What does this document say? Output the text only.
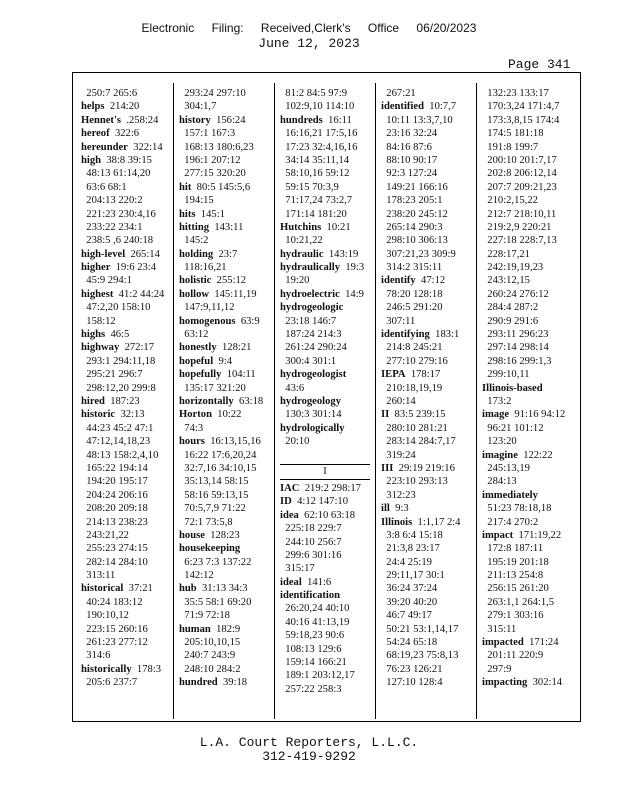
Electronic Filing: Received,Clerk's Office 06/20/2023
June 12, 2023
Page 341
250:7 265:6
helps  214:20
Hennet's  .258:24
hereof  322:6
hereunder  322:14
high  38:8 39:15
48:13 61:14,20
63:6 68:1
204:13 220:2
221:23 230:4,16
233:22 234:1
238:5 ,6 240:18
high-level  265:14
higher  19:6 23:4
45:9 294:1
highest  41:2 44:24
47:2,20 158:10
158:12
highs  46:5
highway  272:17
293:1 294:11,18
295:21 296:7
298:12,20 299:8
hired  187:23
historic  32:13
44:23 45:2 47:1
47:12,14,18,23
48:13 158:2,4,10
165:22 194:14
194:20 195:17
204:24 206:16
208:20 209:18
214:13 238:23
243:21,22
255:23 274:15
282:14 284:10
313:11
historical  37:21
40:24 183:12
190:10,12
223:15 260:16
261:23 277:12
314:6
historically  178:3
205:6 237:7
293:24 297:10
304:1,7
history  156:24
157:1 167:3
168:13 180:6,23
196:1 207:12
277:15 320:20
hit  80:5 145:5,6
194:15
hits  145:1
hitting  143:11
145:2
holding  23:7
118:16,21
holistic  255:12
hollow  145:11,19
147:9,11,12
homogenous  63:9
63:12
honestly  128:21
hopeful  9:4
hopefully  104:11
135:17 321:20
horizontally  63:18
Horton  10:22
74:3
hours  16:13,15,16
16:22 17:6,20,24
32:7,16 34:10,15
35:13,14 58:15
58:16 59:13,15
70:5,7,9 71:22
72:1 73:5,8
house  128:23
housekeeping
6:23 7:3 137:22
142:12
hub  31:13 34:3
35:5 58:1 69:20
71:9 72:18
human  182:9
205:10,10,15
240:7 243:9
248:10 284:2
hundred  39:18
81:2 84:5 97:9
102:9,10 114:10
hundreds  16:11
16:16,21 17:5,16
17:23 32:4,16,16
34:14 35:11,14
58:10,16 59:12
59:15 70:3,9
71:17,24 73:2,7
171:14 181:20
Hutchins  10:21
10:21,22
hydraulic  143:19
hydraulically  19:3
19:20
hydroelectric  14:9
hydrogeologic
23:18 146:7
187:24 214:3
261:24 290:24
300:4 301:1
hydrogeologist
43:6
hydrogeology
130:3 301:14
hydrologically
20:10
I
IAC  219:2 298:17
ID  4:12 147:10
idea  62:10 63:18
225:18 229:7
244:10 256:7
299:6 301:16
315:17
ideal  141:6
identification
26:20,24 40:10
40:16 41:13,19
59:18,23 90:6
108:13 129:6
159:14 166:21
189:1 203:12,17
257:22 258:3
267:21
identified  10:7,7
10:11 13:3,7,10
23:16 32:24
84:16 87:6
88:10 90:17
92:3 127:24
149:21 166:16
178:23 205:1
238:20 245:12
265:14 290:3
298:10 306:13
307:21,23 309:9
314:2 315:11
identify  47:12
78:20 128:18
246:5 291:20
307:11
identifying  183:1
214:8 245:21
277:10 279:16
IEPA  178:17
210:18,19,19
260:14
II  83:5 239:15
280:10 281:21
283:14 284:7,17
319:24
III  29:19 219:16
223:10 293:13
312:23
ill  9:3
Illinois  1:1,17 2:4
3:8 6:4 15:18
21:3,8 23:17
24:4 25:19
29:11,17 30:1
36:24 37:24
39:20 40:20
46:7 49:17
50:21 53:1,14,17
54:24 65:18
68:19,23 75:8,13
76:23 126:21
127:10 128:4
132:23 133:17
170:3,24 171:4,7
173:3,8,15 174:4
174:5 181:18
191:8 199:7
200:10 201:7,17
202:8 206:12,14
207:7 209:21,23
210:2,15,22
212:7 218:10,11
219:2,9 220:21
227:18 228:7,13
228:17,21
242:19,19,23
243:12,15
260:24 276:12
284:4 287:2
290:9 291:6
293:11 296:23
297:14 298:14
298:16 299:1,3
299:10,11
Illinois-based
173:2
image  91:16 94:12
96:21 101:12
123:20
imagine  122:22
245:13,19
284:13
immediately
51:23 78:18,18
217:4 270:2
impact  171:19,22
172:8 187:11
195:19 201:18
211:13 254:8
256:15 261:20
263:1,1 264:1,5
279:1 303:16
315:11
impacted  171:24
201:11 220:9
297:9
impacting  302:14
L.A. Court Reporters, L.L.C.
312-419-9292
